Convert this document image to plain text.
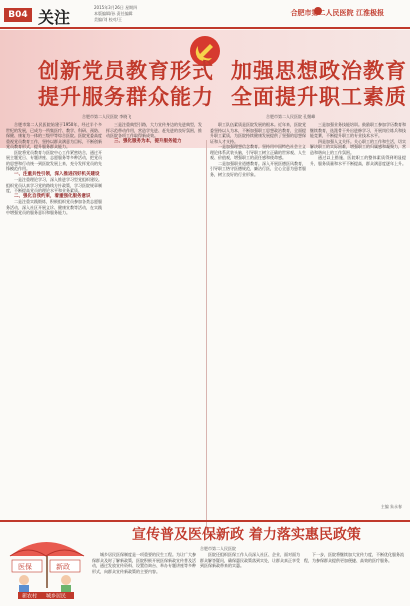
B04 关注
2015年3月26日 星期四
本版编辑/孙 责任编辑
美编/刘 校对/王
合肥市第二人民医院 江淮极报
创新党员教育形式
提升服务群众能力
加强思想政治教育
全面提升职工素质
合肥市第二人民医院 李晓飞	合肥市第二人民医院 孔继峰

合肥市第二人民医院始建于1950年，经过半个多世纪的发展，已成为一所集医疗、教学、科研、预防、保健、康复为一体的三级甲等综合医院。医院党委高度重视党员教育工作，坚持以群众满意为目标，不断创新党员教育形式，提升服务群众能力。

医院将党员教育与医院中心工作紧密结合，通过开展主题党日、专题讲座、志愿服务等多种活动，把党员的思想和行动统一到医院发展上来，充分发挥党员的先锋模范作用。

一、注重共性引领，深入推进四好机关建设

一是注重理论学习，深入推进学习型党组织建设。组织党员认真学习党的路线方针政策，学习医院规章制度，不断提高党员的理论水平和业务素质。

二、强化自我约束，着重强化服务意识

二是注重实践锻炼，积极组织党员参加各类志愿服务活动，深入社区开展义诊、健康宣教等活动，在实践中增强党员的服务意识和服务能力。

三是注重典型引路，大力宣传身边的先进典型，发挥示范带动作用，营造学先进、赶先进的良好氛围，推动医院各项工作取得新成效。

三、强化服务为本，提升服务能力

职工队伍素质是医院发展的根本。近年来，医院党委坚持以人为本，不断加强职工思想政治教育，全面提升职工素质，为医院持续健康发展提供了坚强的思想保证和人才支持。

一是加强理想信念教育。坚持用中国特色社会主义理论体系武装头脑，引导职工树立正确的世界观、人生观、价值观，增强职工的责任感和使命感。

二是加强职业道德教育。深入开展医德医风教育，引导职工恪守医德规范，廉洁行医，全心全意为患者服务，树立良好的行业形象。

三是加强业务技能培训。鼓励职工参加学历教育和继续教育，选派骨干外出进修学习，开展岗位练兵和技能竞赛，不断提升职工的专业技术水平。

四是加强人文关怀。关心职工的工作和生活，切实解决职工的实际困难，增强职工的归属感和凝聚力，营造和谐向上的工作氛围。

通过以上措施，医院职工的整体素质得到明显提升，服务质量和水平不断提高，群众满意度逐年上升。

主编 朱永春
医保	新政
新农村 城乡居民
宣传普及医保新政 着力落实惠民政策
合肥市第二人民医院

城乡居民医保制度是一项重要的民生工程。为让广大参保群众及时了解新政策，医院积极开展医保新政宣传普及活动，通过发放宣传资料、设置咨询台、举办专题讲座等多种形式，向群众宣传新政策的主要内容。

医院还组织医保工作人员深入社区、企业，面对面为群众解答疑问，确保惠民政策落到实处，让群众真正享受到医保新政带来的实惠。

下一步，医院将继续加大宣传力度，不断优化服务流程，为参保群众提供更加便捷、高效的医疗服务。
